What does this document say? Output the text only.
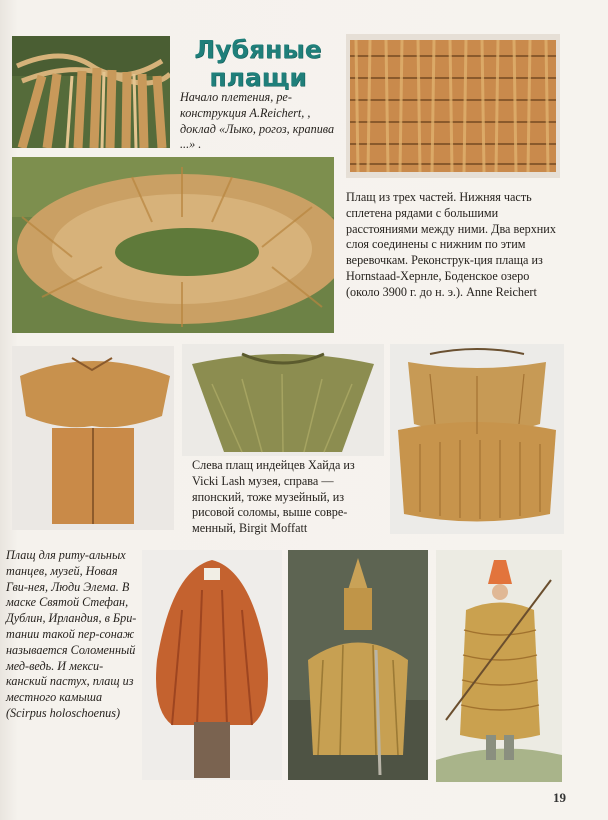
Лубяные плащи
Начало плетения, ре-конструкция A.Reichert, , доклад «Лыко, рогоз, крапива ...» .
Плащ из трех частей. Нижняя часть сплетена рядами с большими расстояниями между ними. Два верхних слоя соединены с нижним по этим веревочкам. Реконструк-ция плаща из Hornstaad-Хернле, Боденское озеро (около 3900 г. до н. э.). Anne Reichert
Слева плащ индейцев Хайда из Vicki Lash музея, справа — японский, тоже музейный, из рисовой соломы, выше совре-менный, Birgit Moffatt
Плащ для риту-альных танцев, музей, Новая Гви-нея, Люди Элема. В маске Святой Стефан, Дублин, Ирландия, в Бри-тании такой пер-сонаж называется Соломенный мед-ведь. И мекси-канский пастух, плащ из местного камыша (Scirpus holoschoenus)
19
